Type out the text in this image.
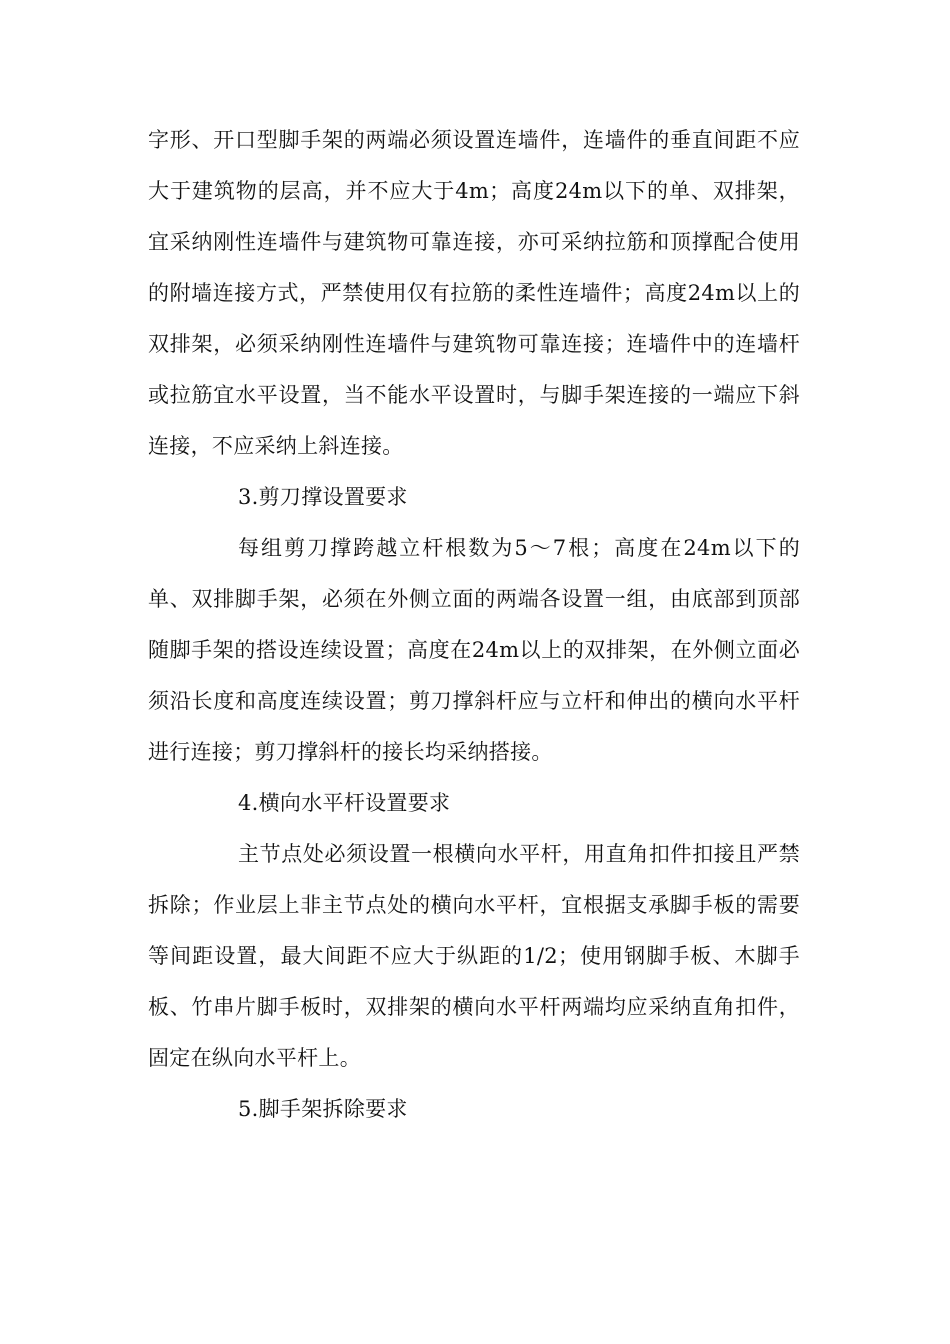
字形、开口型脚手架的两端必须设置连墙件，连墙件的垂直间距不应大于建筑物的层高，并不应大于4m；高度24m以下的单、双排架，宜采纳刚性连墙件与建筑物可靠连接，亦可采纳拉筋和顶撑配合使用的附墙连接方式，严禁使用仅有拉筋的柔性连墙件；高度24m以上的双排架，必须采纳刚性连墙件与建筑物可靠连接；连墙件中的连墙杆或拉筋宜水平设置，当不能水平设置时，与脚手架连接的一端应下斜连接，不应采纳上斜连接。

3.剪刀撑设置要求

每组剪刀撑跨越立杆根数为5～7根；高度在24m以下的单、双排脚手架，必须在外侧立面的两端各设置一组，由底部到顶部随脚手架的搭设连续设置；高度在24m以上的双排架，在外侧立面必须沿长度和高度连续设置；剪刀撑斜杆应与立杆和伸出的横向水平杆进行连接；剪刀撑斜杆的接长均采纳搭接。

4.横向水平杆设置要求

主节点处必须设置一根横向水平杆，用直角扣件扣接且严禁拆除；作业层上非主节点处的横向水平杆，宜根据支承脚手板的需要等间距设置，最大间距不应大于纵距的1/2；使用钢脚手板、木脚手板、竹串片脚手板时，双排架的横向水平杆两端均应采纳直角扣件，固定在纵向水平杆上。

5.脚手架拆除要求
